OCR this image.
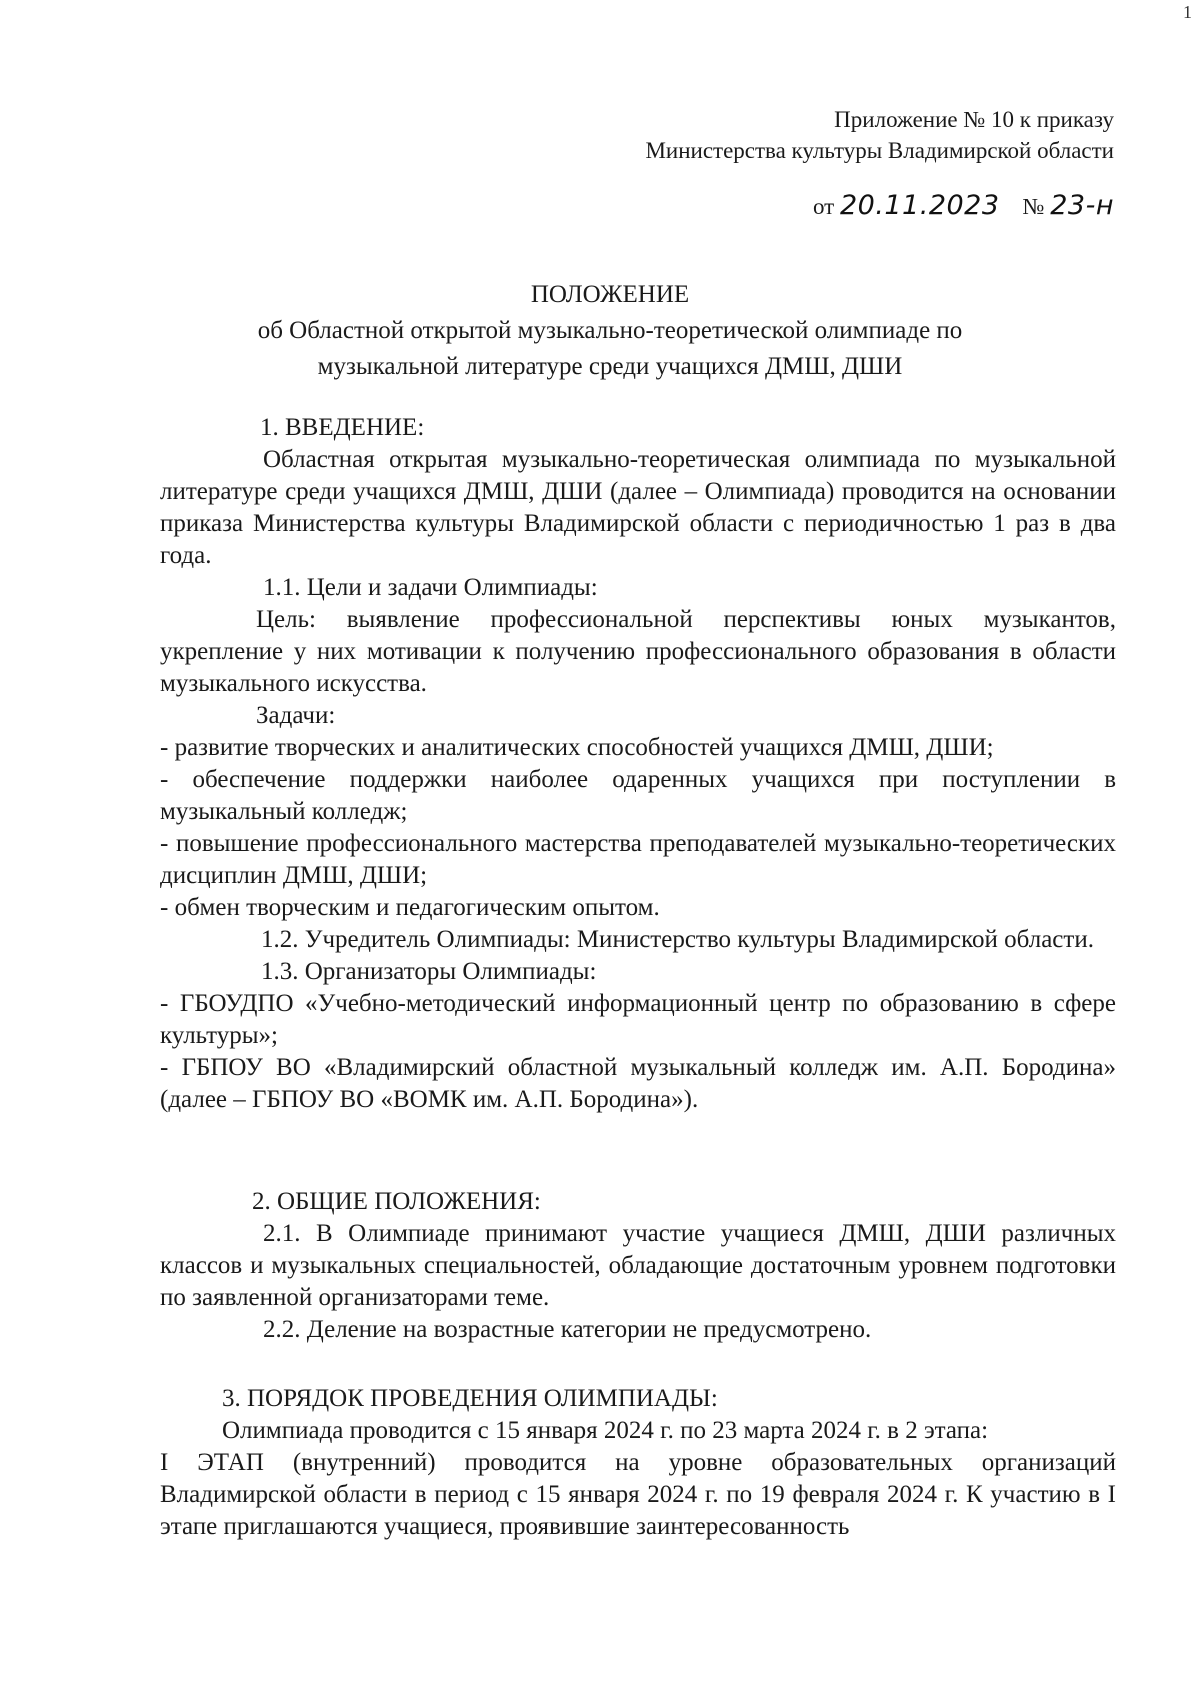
1
Приложение № 10 к приказу
Министерства культуры Владимирской области
от 20.11.2023 № 23-н
ПОЛОЖЕНИЕ
об Областной открытой музыкально-теоретической олимпиаде по
музыкальной литературе среди учащихся ДМШ, ДШИ

1. ВВЕДЕНИЕ:

Областная открытая музыкально-теоретическая олимпиада по музыкальной литературе среди учащихся ДМШ, ДШИ (далее – Олимпиада) проводится на основании приказа Министерства культуры Владимирской области с периодичностью 1 раз в два года.

1.1. Цели и задачи Олимпиады:

Цель: выявление профессиональной перспективы юных музыкантов, укрепление у них мотивации к получению профессионального образования в области музыкального искусства.

Задачи:

- развитие творческих и аналитических способностей учащихся ДМШ, ДШИ;

- обеспечение поддержки наиболее одаренных учащихся при поступлении в музыкальный колледж;

- повышение профессионального мастерства преподавателей музыкально-теоретических дисциплин ДМШ, ДШИ;

- обмен творческим и педагогическим опытом.

1.2. Учредитель Олимпиады: Министерство культуры Владимирской области.

1.3. Организаторы Олимпиады:

- ГБОУДПО «Учебно-методический информационный центр по образованию в сфере культуры»;

- ГБПОУ ВО «Владимирский областной музыкальный колледж им. А.П. Бородина» (далее – ГБПОУ ВО «ВОМК им. А.П. Бородина»).

2. ОБЩИЕ ПОЛОЖЕНИЯ:

2.1. В Олимпиаде принимают участие учащиеся ДМШ, ДШИ различных классов и музыкальных специальностей, обладающие достаточным уровнем подготовки по заявленной организаторами теме.

2.2. Деление на возрастные категории не предусмотрено.

3. ПОРЯДОК ПРОВЕДЕНИЯ ОЛИМПИАДЫ:

Олимпиада проводится с 15 января 2024 г. по 23 марта 2024 г. в 2 этапа:

I ЭТАП (внутренний) проводится на уровне образовательных организаций Владимирской области в период с 15 января 2024 г. по 19 февраля 2024 г. К участию в I этапе приглашаются учащиеся, проявившие заинтересованность
